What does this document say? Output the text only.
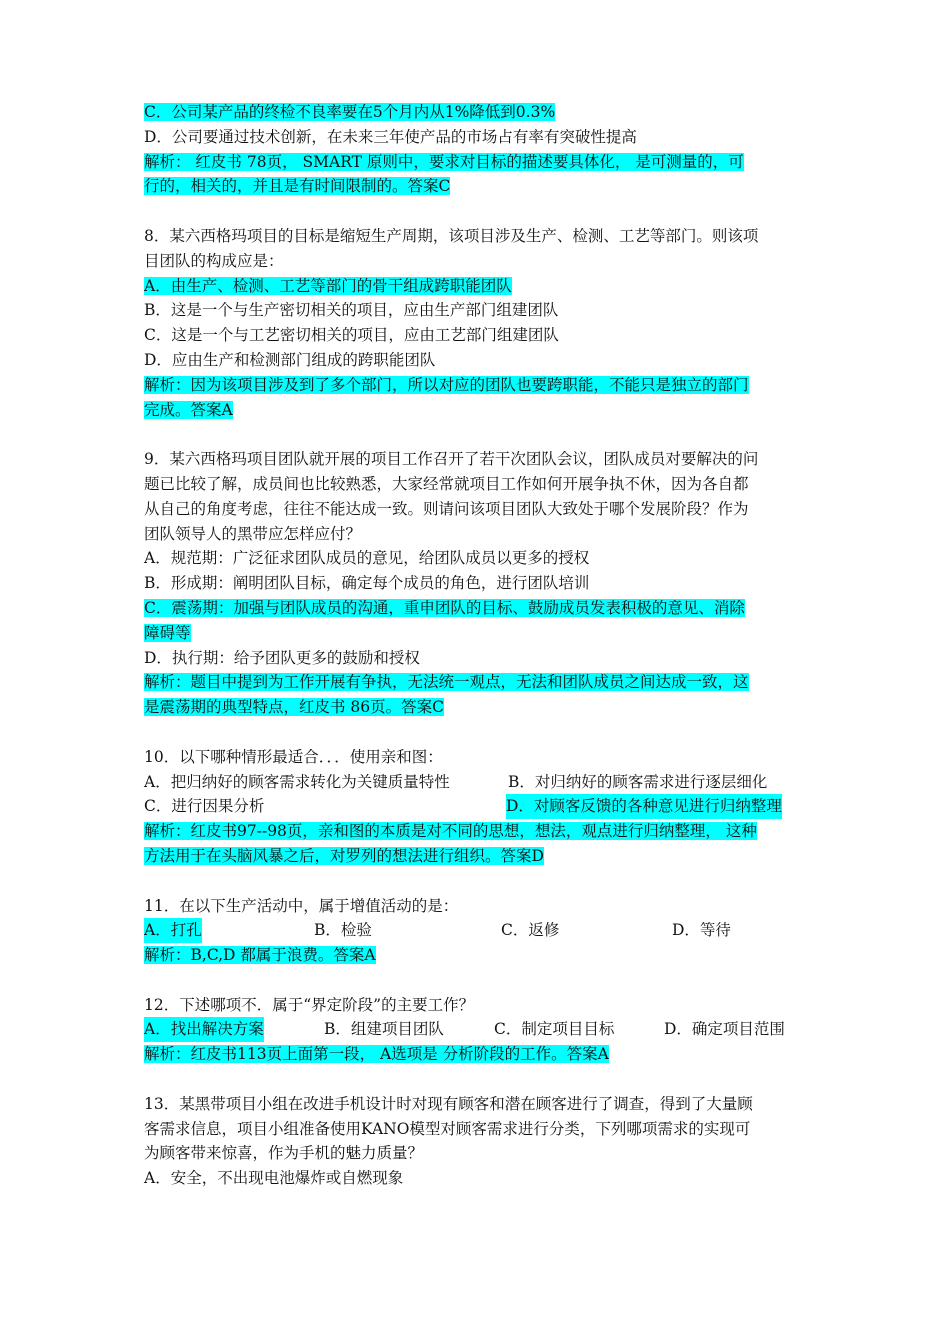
C．公司某产品的终检不良率要在5个月内从1%降低到0.3%
D．公司要通过技术创新，在未来三年使产品的市场占有率有突破性提高
解析： 红皮书 78页， SMART 原则中，要求对目标的描述要具体化， 是可测量的，可
行的，相关的，并且是有时间限制的。答案C
8．某六西格玛项目的目标是缩短生产周期，该项目涉及生产、检测、工艺等部门。则该项
目团队的构成应是：
A．由生产、检测、工艺等部门的骨干组成跨职能团队
B．这是一个与生产密切相关的项目，应由生产部门组建团队
C．这是一个与工艺密切相关的项目，应由工艺部门组建团队
D．应由生产和检测部门组成的跨职能团队
解析：因为该项目涉及到了多个部门，所以对应的团队也要跨职能，不能只是独立的部门
完成。答案A
9．某六西格玛项目团队就开展的项目工作召开了若干次团队会议，团队成员对要解决的问
题已比较了解，成员间也比较熟悉，大家经常就项目工作如何开展争执不休，因为各自都
从自己的角度考虑，往往不能达成一致。则请问该项目团队大致处于哪个发展阶段？作为
团队领导人的黑带应怎样应付？
A．规范期：广泛征求团队成员的意见，给团队成员以更多的授权
B．形成期：阐明团队目标，确定每个成员的角色，进行团队培训
C．震荡期：加强与团队成员的沟通，重申团队的目标、鼓励成员发表积极的意见、消除
障碍等
D．执行期：给予团队更多的鼓励和授权
解析：题目中提到为工作开展有争执，无法统一观点，无法和团队成员之间达成一致，这
是震荡期的典型特点，红皮书 86页。答案C
10．以下哪种情形最适合．．．使用亲和图：
A．把归纳好的顾客需求转化为关键质量特性	B．对归纳好的顾客需求进行逐层细化
C．进行因果分析	D．对顾客反馈的各种意见进行归纳整理
解析：红皮书97--98页，亲和图的本质是对不同的思想，想法，观点进行归纳整理， 这种
方法用于在头脑风暴之后，对罗列的想法进行组织。答案D
11．在以下生产活动中，属于增值活动的是：
A．打孔	B．检验	C．返修	D．等待
解析：B,C,D 都属于浪费。答案A
12．下述哪项不．属于“界定阶段”的主要工作？
A．找出解决方案	B．组建项目团队	C．制定项目目标	D．确定项目范围
解析：红皮书113页上面第一段， A选项是 分析阶段的工作。答案A
13．某黑带项目小组在改进手机设计时对现有顾客和潜在顾客进行了调查，得到了大量顾
客需求信息，项目小组准备使用KANO模型对顾客需求进行分类，下列哪项需求的实现可
为顾客带来惊喜，作为手机的魅力质量？
A．安全，不出现电池爆炸或自燃现象
